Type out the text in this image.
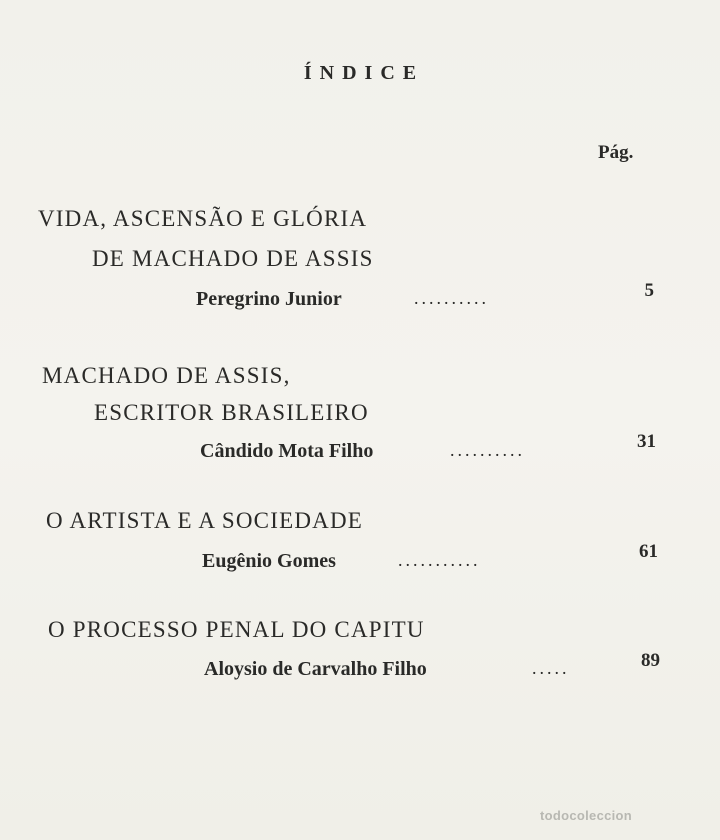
ÍNDICE
Pág.
VIDA, ASCENSÃO E GLÓRIA
DE MACHADO DE ASSIS
Peregrino Junior	..........	5
MACHADO DE ASSIS,
ESCRITOR BRASILEIRO
Cândido Mota Filho	..........	31
O ARTISTA E A SOCIEDADE
Eugênio Gomes	...........	61
O PROCESSO PENAL DO CAPITU
Aloysio de Carvalho Filho	.....	89
todocoleccion
